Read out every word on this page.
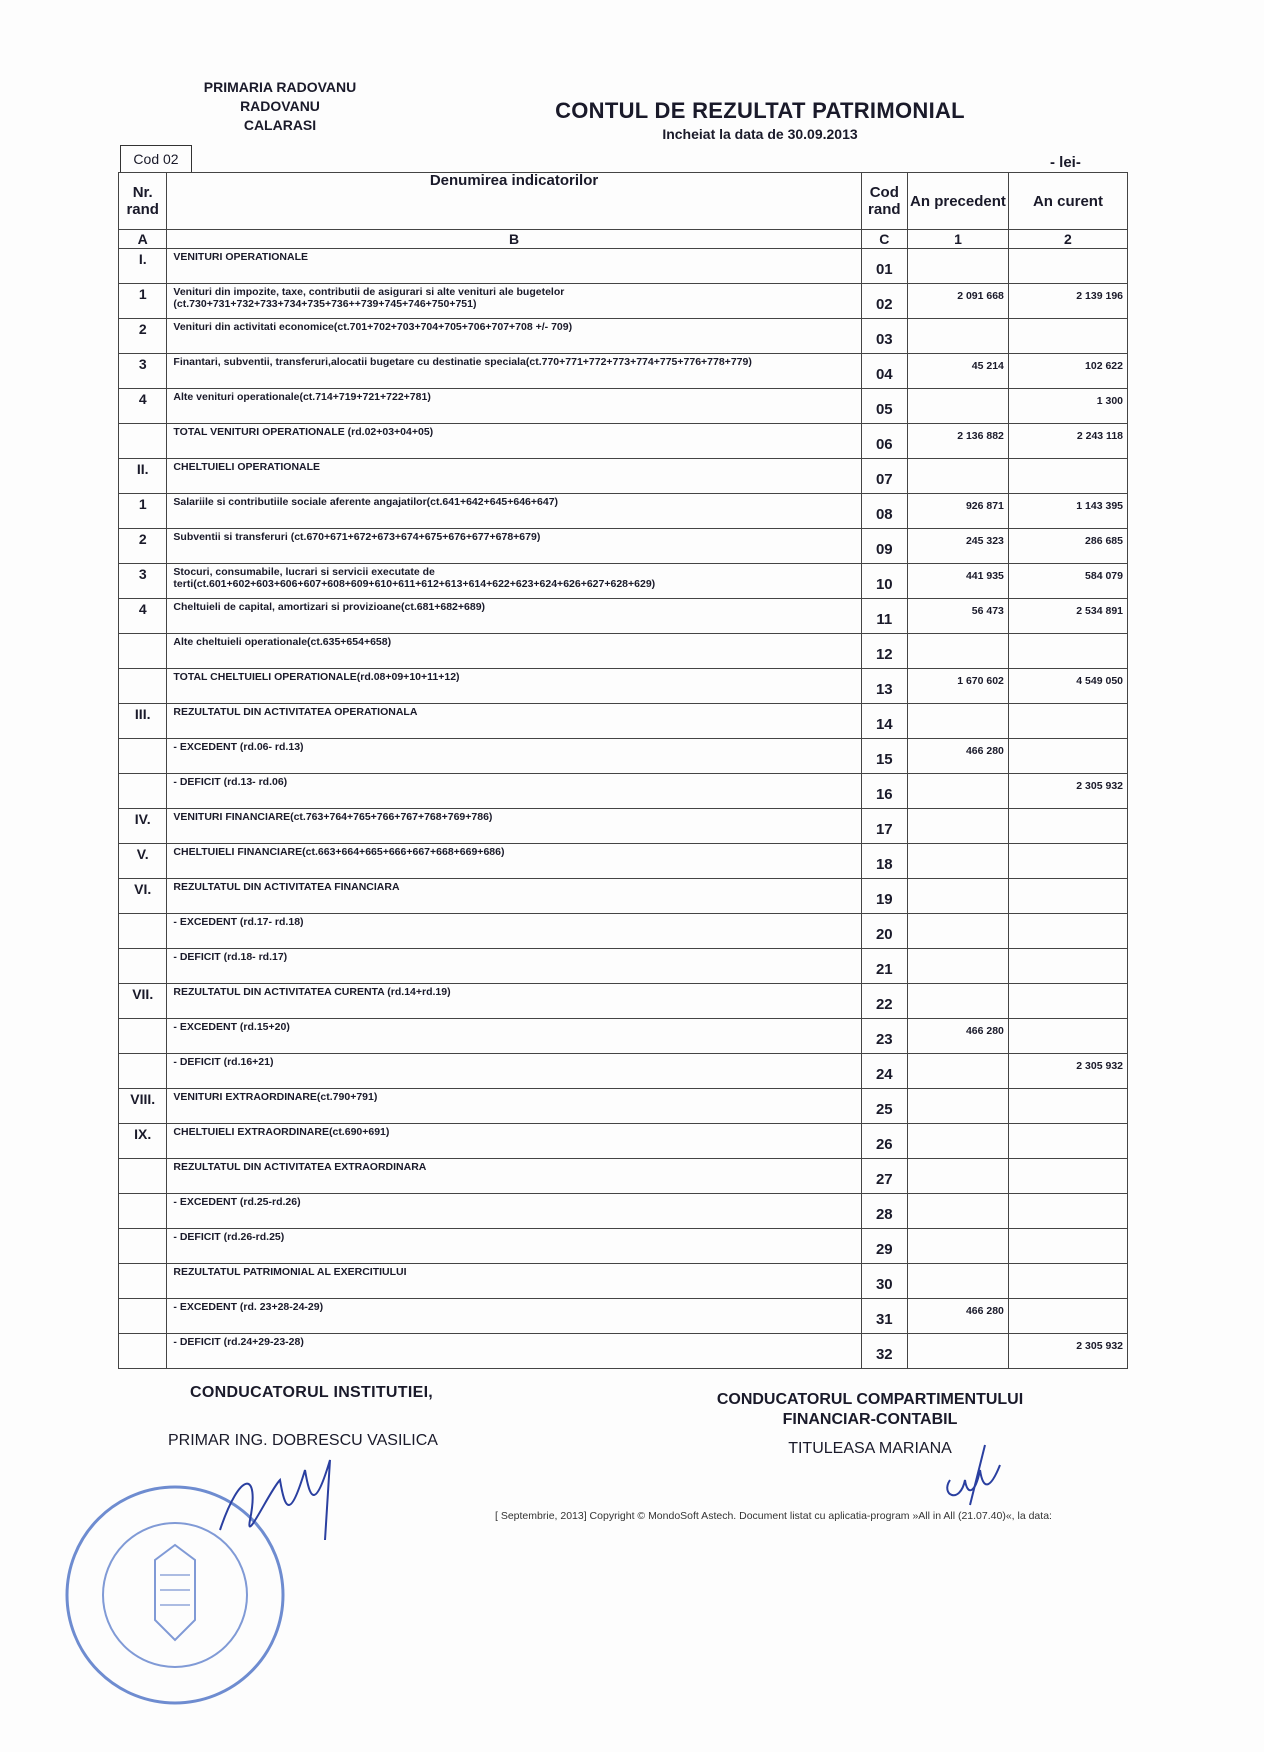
PRIMARIA RADOVANU
RADOVANU
CALARASI
CONTUL DE REZULTAT PATRIMONIAL
Incheiat la data de 30.09.2013
Cod 02	- lei-
Nr. rand	Denumirea indicatorilor	Cod rand	An precedent	An curent
A	B	C	1	2
I.	VENITURI OPERATIONALE	01		
1	Venituri din impozite, taxe, contributii de asigurari si alte venituri ale bugetelor (ct.730+731+732+733+734+735+736++739+745+746+750+751)	02	2 091 668	2 139 196
2	Venituri din activitati economice(ct.701+702+703+704+705+706+707+708 +/- 709)	03		
3	Finantari, subventii, transferuri,alocatii bugetare cu destinatie speciala(ct.770+771+772+773+774+775+776+778+779)	04	45 214	102 622
4	Alte venituri operationale(ct.714+719+721+722+781)	05		1 300
	TOTAL VENITURI OPERATIONALE (rd.02+03+04+05)	06	2 136 882	2 243 118
II.	CHELTUIELI OPERATIONALE	07		
1	Salariile si contributiile sociale aferente angajatilor(ct.641+642+645+646+647)	08	926 871	1 143 395
2	Subventii si transferuri (ct.670+671+672+673+674+675+676+677+678+679)	09	245 323	286 685
3	Stocuri, consumabile, lucrari si servicii executate de terti(ct.601+602+603+606+607+608+609+610+611+612+613+614+622+623+624+626+627+628+629)	10	441 935	584 079
4	Cheltuieli de capital, amortizari si provizioane(ct.681+682+689)	11	56 473	2 534 891
	Alte cheltuieli operationale(ct.635+654+658)	12		
	TOTAL CHELTUIELI OPERATIONALE(rd.08+09+10+11+12)	13	1 670 602	4 549 050
III.	REZULTATUL DIN ACTIVITATEA OPERATIONALA	14		
	- EXCEDENT (rd.06- rd.13)	15	466 280	
	- DEFICIT (rd.13- rd.06)	16		2 305 932
IV.	VENITURI FINANCIARE(ct.763+764+765+766+767+768+769+786)	17		
V.	CHELTUIELI FINANCIARE(ct.663+664+665+666+667+668+669+686)	18		
VI.	REZULTATUL DIN ACTIVITATEA FINANCIARA	19		
	- EXCEDENT (rd.17- rd.18)	20		
	- DEFICIT (rd.18- rd.17)	21		
VII.	REZULTATUL DIN ACTIVITATEA CURENTA (rd.14+rd.19)	22		
	- EXCEDENT (rd.15+20)	23	466 280	
	- DEFICIT (rd.16+21)	24		2 305 932
VIII.	VENITURI EXTRAORDINARE(ct.790+791)	25		
IX.	CHELTUIELI EXTRAORDINARE(ct.690+691)	26		
	REZULTATUL DIN ACTIVITATEA EXTRAORDINARA	27		
	- EXCEDENT (rd.25-rd.26)	28		
	- DEFICIT (rd.26-rd.25)	29		
	REZULTATUL PATRIMONIAL AL EXERCITIULUI	30		
	- EXCEDENT (rd. 23+28-24-29)	31	466 280	
	- DEFICIT (rd.24+29-23-28)	32		2 305 932
CONDUCATORUL INSTITUTIEI,
PRIMAR ING. DOBRESCU VASILICA
CONDUCATORUL COMPARTIMENTULUI
FINANCIAR-CONTABIL
TITULEASA MARIANA
[ Septembrie, 2013] Copyright © MondoSoft Astech. Document listat cu aplicatia-program »All in All (21.07.40)«, la data:
